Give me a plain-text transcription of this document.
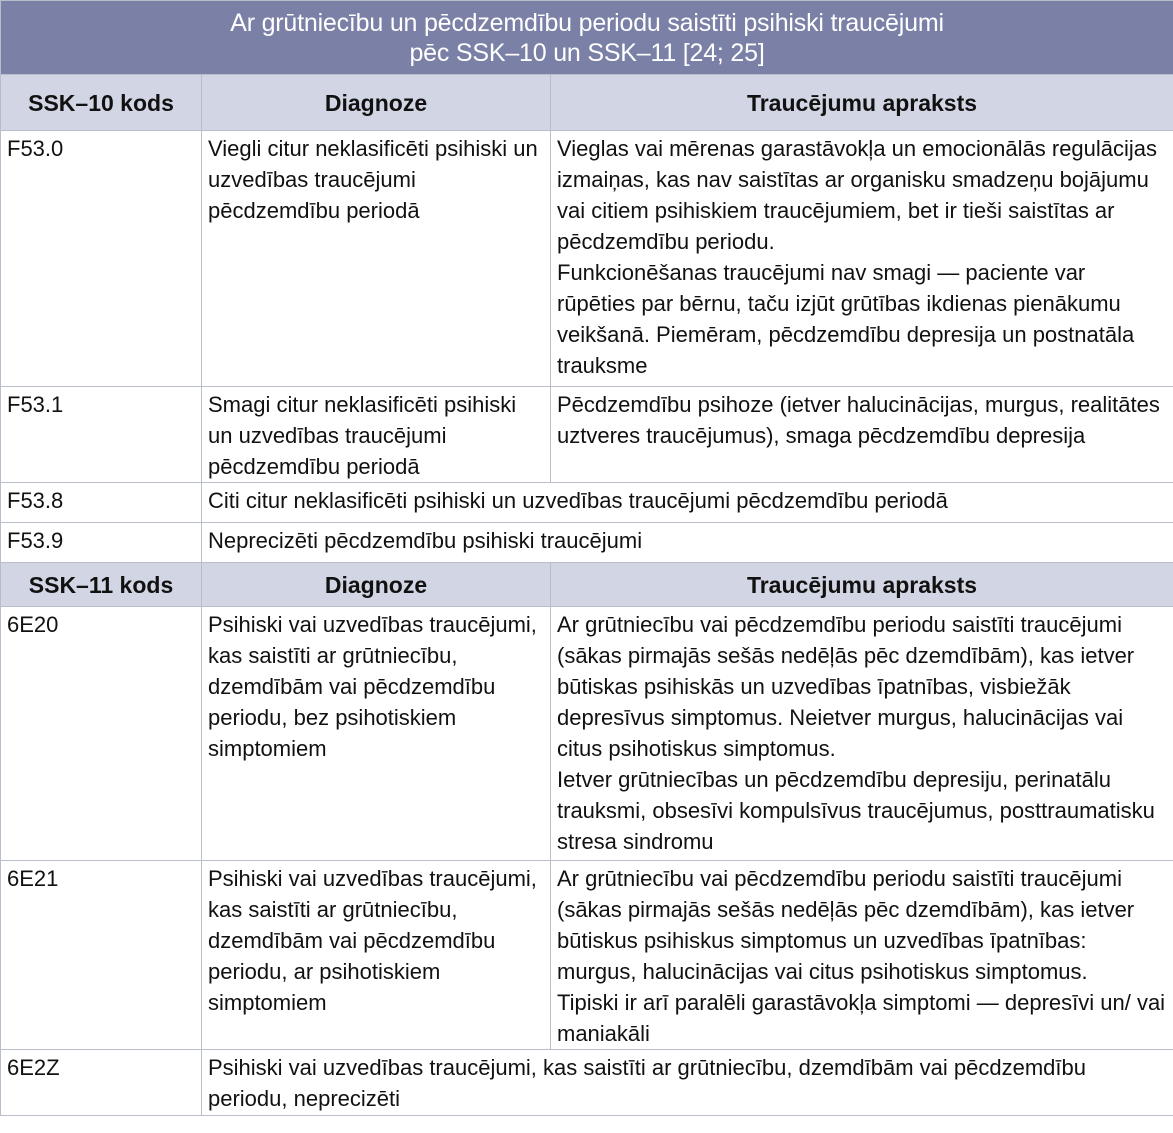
Ar grūtniecību un pēcdzemdību periodu saistīti psihiski traucējumi
pēc SSK–10 un SSK–11 [24; 25]		

SSK–10 kods	Diagnoze	Traucējumu apraksts
F53.0	Viegli citur neklasificēti psihiski un uzvedības traucējumi pēcdzemdību periodā	Vieglas vai mērenas garastāvokļa un emocionālās regulācijas izmaiņas, kas nav saistītas ar organisku smadzeņu bojājumu vai citiem psihiskiem traucējumiem, bet ir tieši saistītas ar pēcdzemdību periodu.
Funkcionēšanas traucējumi nav smagi — paciente var rūpēties par bērnu, taču izjūt grūtības ikdienas pienākumu veikšanā. Piemēram, pēcdzemdību depresija un postnatāla trauksme

F53.1	Smagi citur neklasificēti psihiski un uzvedības traucējumi pēcdzemdību periodā	Pēcdzemdību psihoze (ietver halucinācijas, murgus, realitātes uztveres traucējumus), smaga pēcdzemdību depresija

F53.8	Citi citur neklasificēti psihiski un uzvedības traucējumi pēcdzemdību periodā	
F53.9	Neprecizēti pēcdzemdību psihiski traucējumi	
SSK–11 kods	Diagnoze	Traucējumu apraksts
6E20	Psihiski vai uzvedības traucējumi, kas saistīti ar grūtniecību, dzemdībām vai pēcdzemdību periodu, bez psihotiskiem simptomiem	Ar grūtniecību vai pēcdzemdību periodu saistīti traucējumi (sākas pirmajās sešās nedēļās pēc dzemdībām), kas ietver būtiskas psihiskās un uzvedības īpatnības, visbiežāk depresīvus simptomus. Neietver murgus, halucinācijas vai citus psihotiskus simptomus.
Ietver grūtniecības un pēcdzemdību depresiju, perinatālu trauksmi, obsesīvi kompulsīvus traucējumus, posttraumatisku stresa sindromu

6E21	Psihiski vai uzvedības traucējumi, kas saistīti ar grūtniecību, dzemdībām vai pēcdzemdību periodu, ar psihotiskiem simptomiem	Ar grūtniecību vai pēcdzemdību periodu saistīti traucējumi (sākas pirmajās sešās nedēļās pēc dzemdībām), kas ietver būtiskus psihiskus simptomus un uzvedības īpatnības: murgus, halucinācijas vai citus psihotiskus simptomus.
Tipiski ir arī paralēli garastāvokļa simptomi — depresīvi un/ vai maniakāli

6E2Z	Psihiski vai uzvedības traucējumi, kas saistīti ar grūtniecību, dzemdībām vai pēcdzemdību periodu, neprecizēti	
